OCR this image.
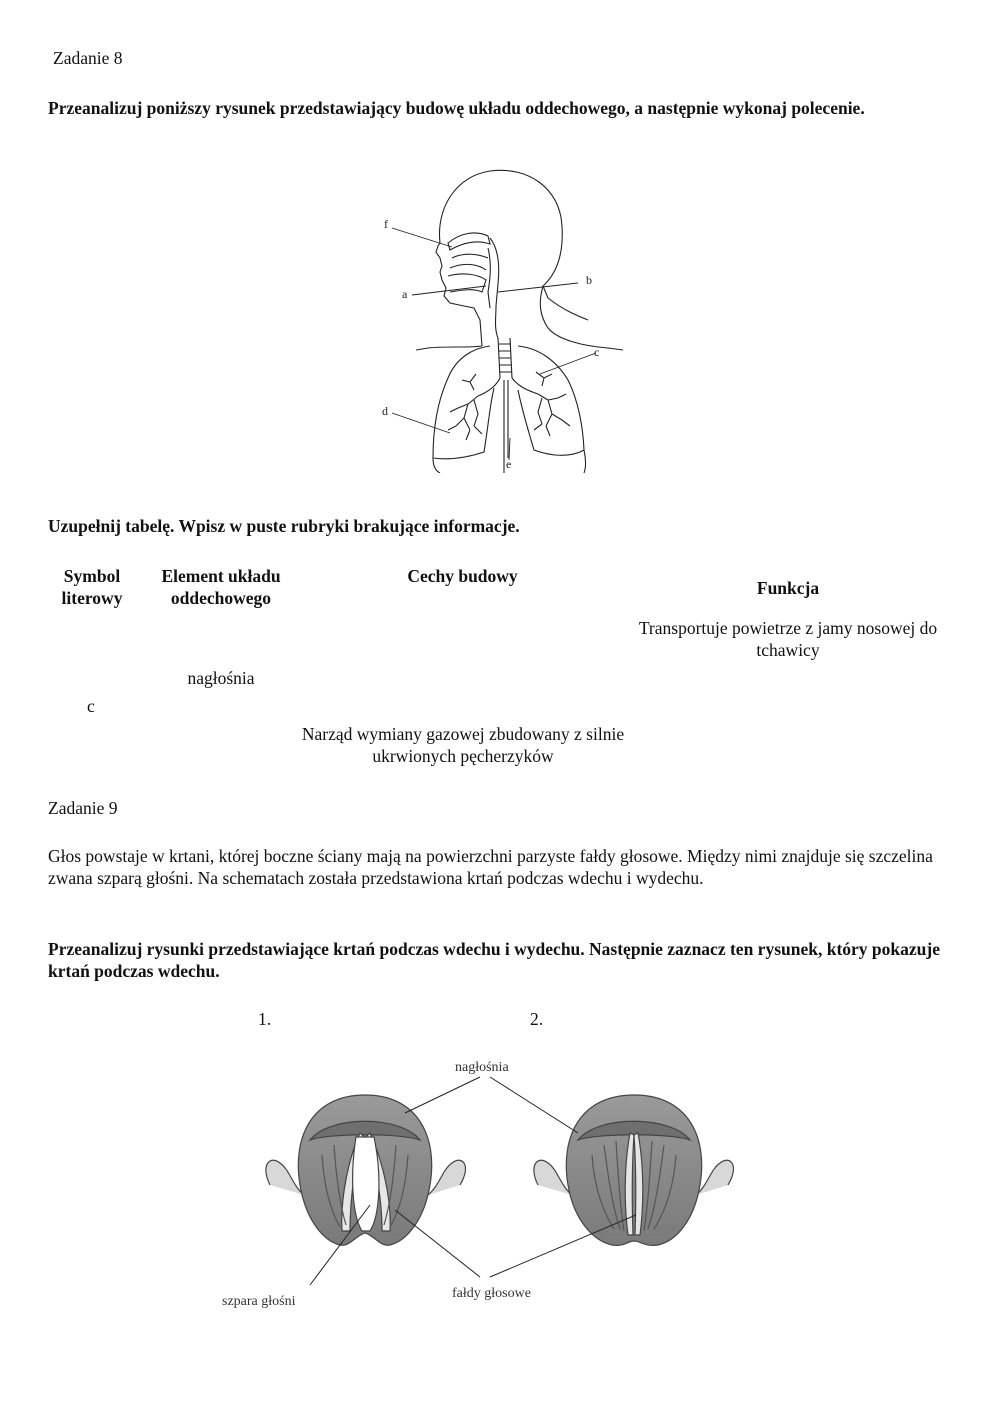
Zadanie 8
Przeanalizuj poniższy rysunek przedstawiający budowę układu oddechowego, a następnie wykonaj polecenie.
f
a
b
c
d
e
Uzupełnij tabelę. Wpisz w puste rubryki brakujące informacje.
Symbol literowy
Element układu oddechowego
Cechy budowy
Funkcja
Transportuje powietrze z jamy nosowej do tchawicy
nagłośnia
c
Narząd wymiany gazowej zbudowany z silnie ukrwionych pęcherzyków
Zadanie 9
Głos powstaje w krtani, której boczne ściany mają na powierzchni parzyste fałdy głosowe. Między nimi znajduje się szczelina zwana szparą głośni. Na schematach została przedstawiona krtań podczas wdechu i wydechu.
Przeanalizuj rysunki przedstawiające krtań podczas wdechu i wydechu. Następnie zaznacz ten rysunek, który pokazuje krtań podczas wdechu.
1.	2.
nagłośnia
szpara głośni
fałdy głosowe
